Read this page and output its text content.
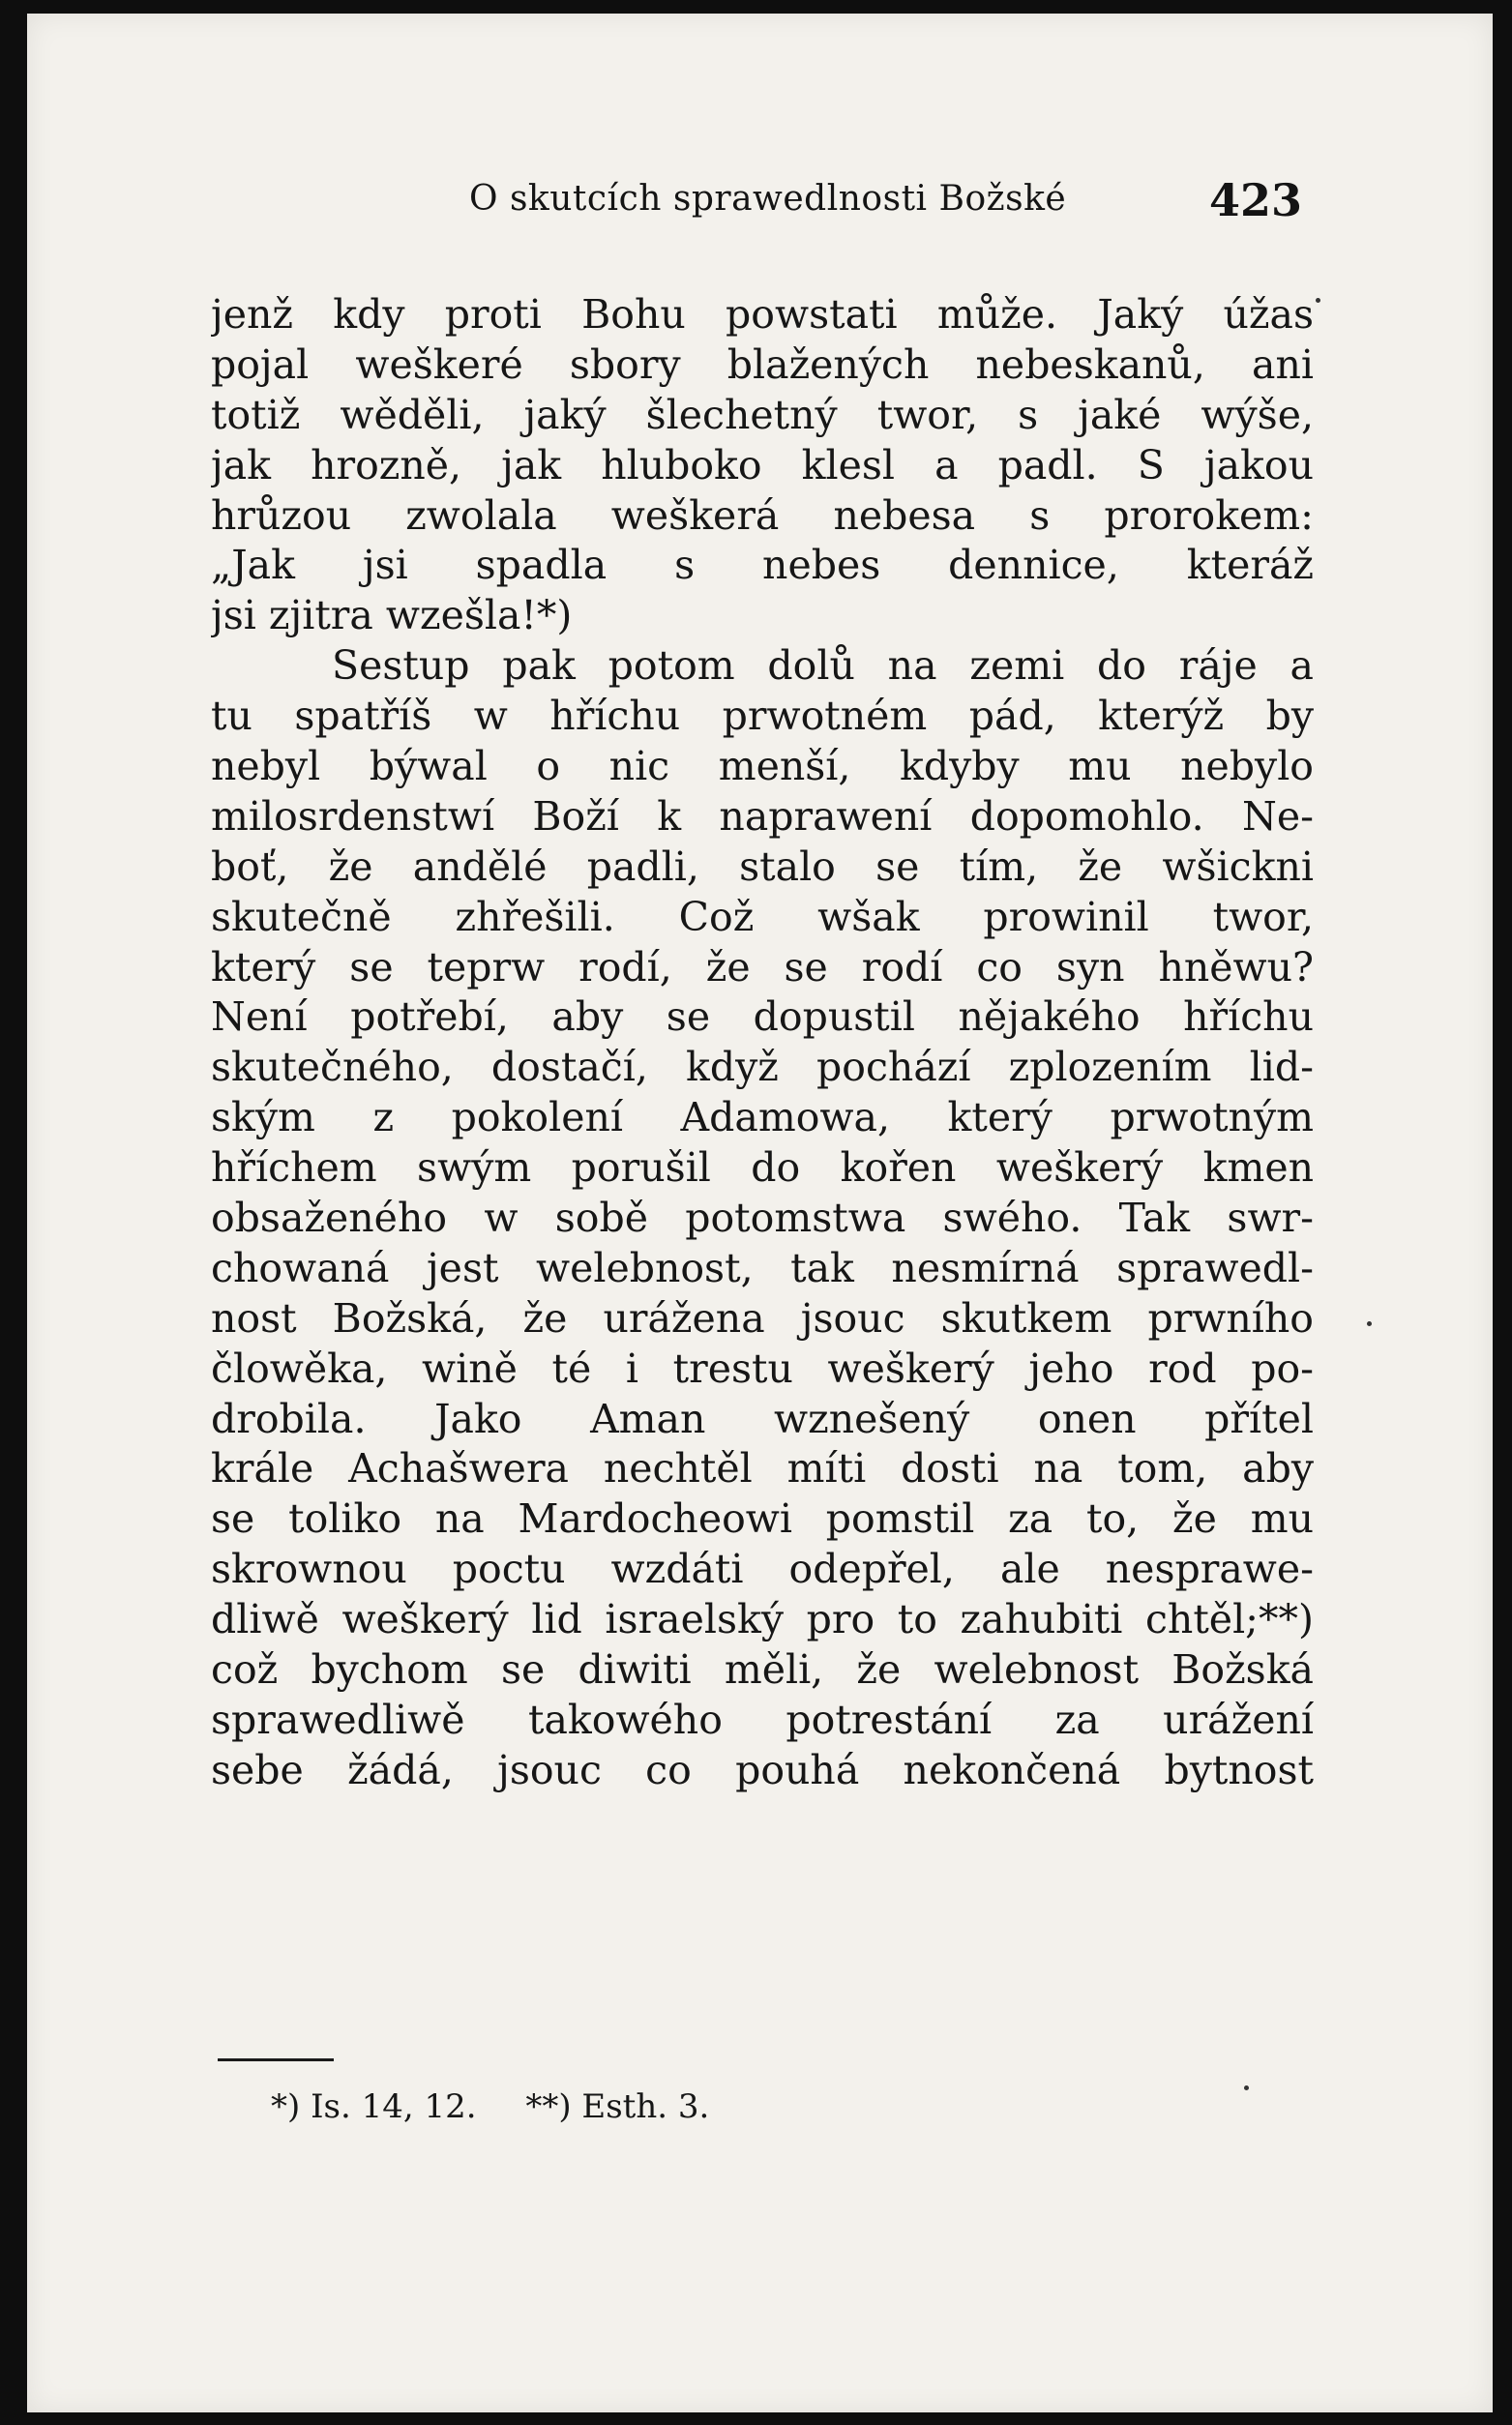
O skutcích sprawedlnosti Božské	423
jenž kdy proti Bohu powstati může. Jaký úžas
pojal weškeré sbory blažených nebeskanů, ani
totiž wěděli, jaký šlechetný twor, s jaké wýše,
jak hrozně, jak hluboko klesl a padl. S jakou
hrůzou zwolala weškerá nebesa s prorokem:
„Jak jsi spadla s nebes dennice, kteráž
jsi zjitra wzešla!*)
Sestup pak potom dolů na zemi do ráje a
tu spatříš w hříchu prwotném pád, kterýž by
nebyl býwal o nic menší, kdyby mu nebylo
milosrdenstwí Boží k naprawení dopomohlo. Ne-
boť, že andělé padli, stalo se tím, že wšickni
skutečně zhřešili. Což wšak prowinil twor,
který se teprw rodí, že se rodí co syn hněwu?
Není potřebí, aby se dopustil nějakého hříchu
skutečného, dostačí, když pochází zplozením lid-
ským z pokolení Adamowa, který prwotným
hříchem swým porušil do kořen weškerý kmen
obsaženého w sobě potomstwa swého. Tak swr-
chowaná jest welebnost, tak nesmírná sprawedl-
nost Božská, že urážena jsouc skutkem prwního
člowěka, wině té i trestu weškerý jeho rod po-
drobila. Jako Aman wznešený onen přítel
krále Achašwera nechtěl míti dosti na tom, aby
se toliko na Mardocheowi pomstil za to, že mu
skrownou poctu wzdáti odepřel, ale nesprawe-
dliwě weškerý lid israelský pro to zahubiti chtěl;**)
což bychom se diwiti měli, že welebnost Božská
sprawedliwě takowého potrestání za urážení
sebe žádá, jsouc co pouhá nekončená bytnost
*) Is. 14, 12. **) Esth. 3.
